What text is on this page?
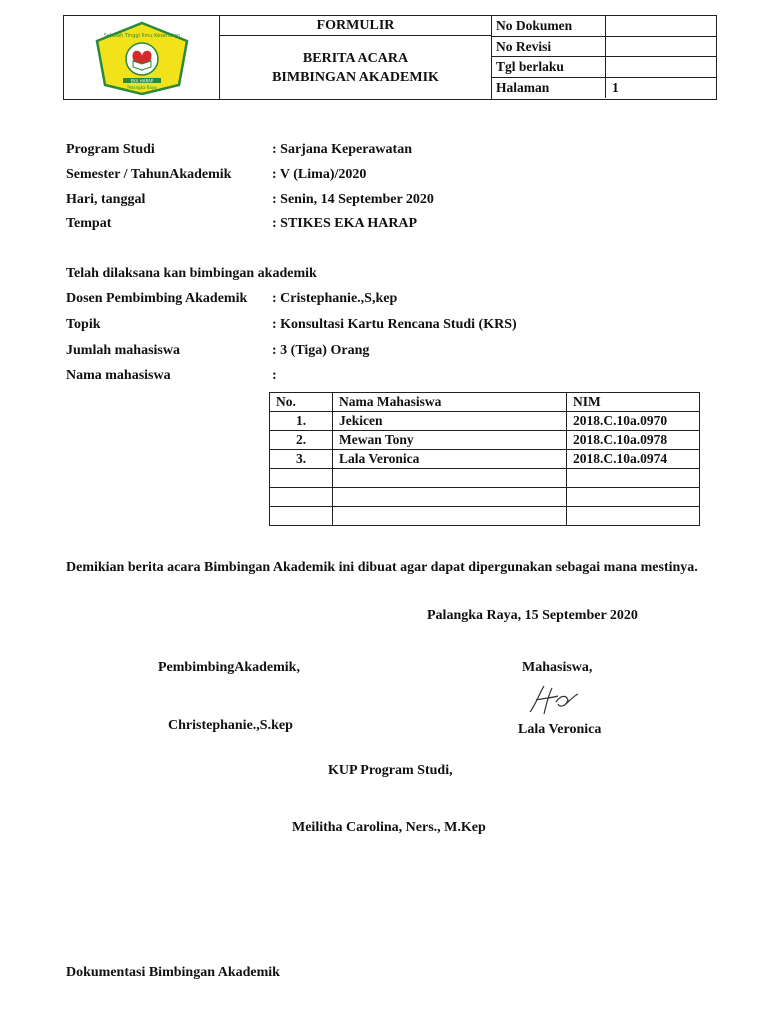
Sekolah Tinggi Ilmu Kesehatan
EKA HARAP
Palangka Raya
FORMULIR
BERITA ACARA
BIMBINGAN AKADEMIK
No Dokumen
No Revisi
Tgl berlaku
Halaman	1
Program Studi	: Sarjana Keperawatan
Semester / TahunAkademik	: V (Lima)/2020
Hari, tanggal	: Senin, 14 September 2020
Tempat	: STIKES EKA HARAP
Telah dilaksana kan bimbingan akademik
Dosen Pembimbing Akademik : Cristephanie.,S,kep
Topik	: Konsultasi Kartu Rencana Studi (KRS)
Jumlah mahasiswa	: 3 (Tiga) Orang
Nama mahasiswa	:
No.	Nama Mahasiswa	NIM
1.	Jekicen	2018.C.10a.0970
2.	Mewan Tony	2018.C.10a.0978
3.	Lala Veronica	2018.C.10a.0974

Demikian berita acara Bimbingan Akademik ini dibuat agar dapat dipergunakan sebagai mana mestinya.
Palangka Raya, 15 September 2020
PembimbingAkademik,	Mahasiswa,
Christephanie.,S.kep	Lala Veronica
KUP Program Studi,
Meilitha Carolina, Ners., M.Kep
Dokumentasi Bimbingan Akademik
